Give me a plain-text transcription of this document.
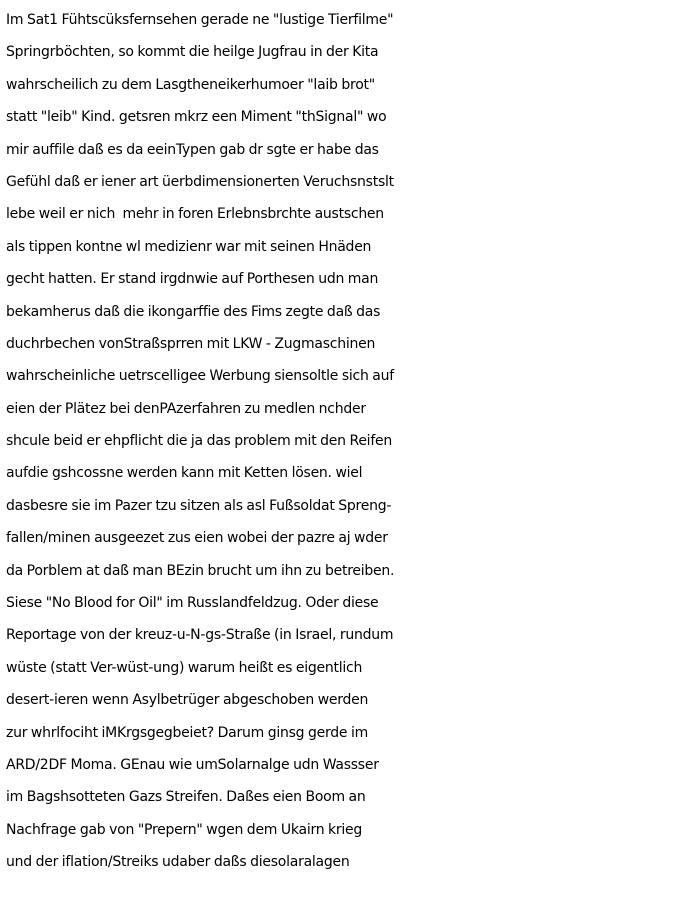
Im Sat1 Fühtscüksfernsehen gerade ne "lustige Tierfilme"
Springrböchten, so kommt die heilge Jugfrau in der Kita
wahrscheilich zu dem Lasgtheneikerhumoer "laib brot"
statt "leib" Kind. getsren mkrz een Miment "thSignal" wo
mir auffile daß es da eeinTypen gab dr sgte er habe das
Gefühl daß er iener art üerbdimensionerten Veruchsnstslt
lebe weil er nich  mehr in foren Erlebnsbrchte austschen
als tippen kontne wl medizienr war mit seinen Hnäden
gecht hatten. Er stand irgdnwie auf Porthesen udn man
bekamherus daß die ikongarffie des Fims zegte daß das
duchrbechen vonStraßsprren mit LKW - Zugmaschinen
wahrscheinliche uetrscelligee Werbung siensoltle sich auf
eien der Plätez bei denPAzerfahren zu medlen nchder
shcule beid er ehpflicht die ja das problem mit den Reifen
aufdie gshcossne werden kann mit Ketten lösen. wiel
dasbesre sie im Pazer tzu sitzen als asl Fußsoldat Spreng-
fallen/minen ausgeezet zus eien wobei der pazre aj wder
da Porblem at daß man BEzin brucht um ihn zu betreiben.
Siese "No Blood for Oil" im Russlandfeldzug. Oder diese
Reportage von der kreuz-u-N-gs-Straße (in Israel, rundum
wüste (statt Ver-wüst-ung) warum heißt es eigentlich
desert-ieren wenn Asylbetrüger abgeschoben werden
zur whrlfociht iMKrgsgegbeiet? Darum ginsg gerde im
ARD/2DF Moma. GEnau wie umSolarnalge udn Wassser
im Bagshsotteten Gazs Streifen. Daßes eien Boom an
Nachfrage gab von "Prepern" wgen dem Ukairn krieg
und der iflation/Streiks udaber daßs diesolaralagen
